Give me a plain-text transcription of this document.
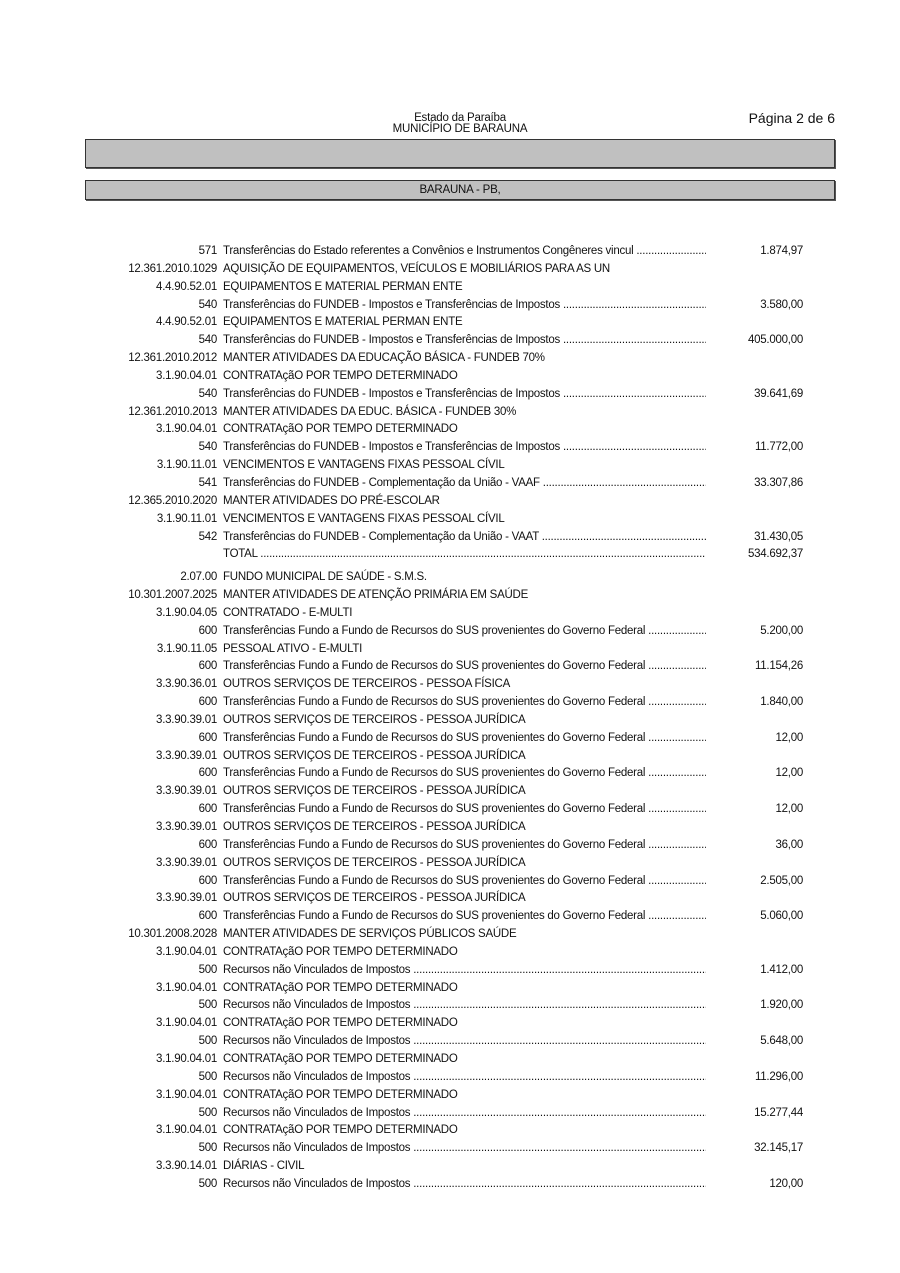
Estado da Paraíba
MUNICÍPIO DE BARAUNA
Página 2 de 6
BARAUNA - PB,
571 Transferências do Estado referentes a Convênios e Instrumentos Congêneres vincul .....	1.874,97
12.361.2010.1029 AQUISIÇÃO DE EQUIPAMENTOS, VEÍCULOS E MOBILIÁRIOS PARA AS UN
4.4.90.52.01 EQUIPAMENTOS E MATERIAL PERMAN ENTE
540 Transferências do FUNDEB - Impostos e Transferências de Impostos .....	3.580,00
4.4.90.52.01 EQUIPAMENTOS E MATERIAL PERMAN ENTE
540 Transferências do FUNDEB - Impostos e Transferências de Impostos .....	405.000,00
12.361.2010.2012 MANTER ATIVIDADES DA EDUCAÇÃO BÁSICA - FUNDEB 70%
3.1.90.04.01 CONTRATAçãO POR TEMPO DETERMINADO
540 Transferências do FUNDEB - Impostos e Transferências de Impostos .....	39.641,69
12.361.2010.2013 MANTER ATIVIDADES DA EDUC. BÁSICA - FUNDEB 30%
3.1.90.04.01 CONTRATAçãO POR TEMPO DETERMINADO
540 Transferências do FUNDEB - Impostos e Transferências de Impostos .....	11.772,00
3.1.90.11.01 VENCIMENTOS E VANTAGENS FIXAS PESSOAL CÍVIL
541 Transferências do FUNDEB - Complementação da União - VAAF .....	33.307,86
12.365.2010.2020 MANTER ATIVIDADES DO PRÉ-ESCOLAR
3.1.90.11.01 VENCIMENTOS E VANTAGENS FIXAS PESSOAL CÍVIL
542 Transferências do FUNDEB - Complementação da União - VAAT .....	31.430,05
TOTAL .....	534.692,37
2.07.00 FUNDO MUNICIPAL DE SAÚDE - S.M.S.
10.301.2007.2025 MANTER ATIVIDADES DE ATENÇÃO PRIMÁRIA EM SAÚDE
3.1.90.04.05 CONTRATADO - E-MULTI
600 Transferências Fundo a Fundo de Recursos do SUS provenientes do Governo Federal .....	5.200,00
3.1.90.11.05 PESSOAL ATIVO - E-MULTI
600 Transferências Fundo a Fundo de Recursos do SUS provenientes do Governo Federal .....	11.154,26
3.3.90.36.01 OUTROS SERVIÇOS DE TERCEIROS - PESSOA FÍSICA
600 Transferências Fundo a Fundo de Recursos do SUS provenientes do Governo Federal .....	1.840,00
3.3.90.39.01 OUTROS SERVIÇOS DE TERCEIROS - PESSOA JURÍDICA
600 Transferências Fundo a Fundo de Recursos do SUS provenientes do Governo Federal .....	12,00
3.3.90.39.01 OUTROS SERVIÇOS DE TERCEIROS - PESSOA JURÍDICA
600 Transferências Fundo a Fundo de Recursos do SUS provenientes do Governo Federal .....	12,00
3.3.90.39.01 OUTROS SERVIÇOS DE TERCEIROS - PESSOA JURÍDICA
600 Transferências Fundo a Fundo de Recursos do SUS provenientes do Governo Federal .....	12,00
3.3.90.39.01 OUTROS SERVIÇOS DE TERCEIROS - PESSOA JURÍDICA
600 Transferências Fundo a Fundo de Recursos do SUS provenientes do Governo Federal .....	36,00
3.3.90.39.01 OUTROS SERVIÇOS DE TERCEIROS - PESSOA JURÍDICA
600 Transferências Fundo a Fundo de Recursos do SUS provenientes do Governo Federal .....	2.505,00
3.3.90.39.01 OUTROS SERVIÇOS DE TERCEIROS - PESSOA JURÍDICA
600 Transferências Fundo a Fundo de Recursos do SUS provenientes do Governo Federal .....	5.060,00
10.301.2008.2028 MANTER ATIVIDADES DE SERVIÇOS PÚBLICOS SAÚDE
3.1.90.04.01 CONTRATAçãO POR TEMPO DETERMINADO
500 Recursos não Vinculados de Impostos .....	1.412,00
3.1.90.04.01 CONTRATAçãO POR TEMPO DETERMINADO
500 Recursos não Vinculados de Impostos .....	1.920,00
3.1.90.04.01 CONTRATAçãO POR TEMPO DETERMINADO
500 Recursos não Vinculados de Impostos .....	5.648,00
3.1.90.04.01 CONTRATAçãO POR TEMPO DETERMINADO
500 Recursos não Vinculados de Impostos .....	11.296,00
3.1.90.04.01 CONTRATAçãO POR TEMPO DETERMINADO
500 Recursos não Vinculados de Impostos .....	15.277,44
3.1.90.04.01 CONTRATAçãO POR TEMPO DETERMINADO
500 Recursos não Vinculados de Impostos .....	32.145,17
3.3.90.14.01 DIÁRIAS - CIVIL
500 Recursos não Vinculados de Impostos .....	120,00
